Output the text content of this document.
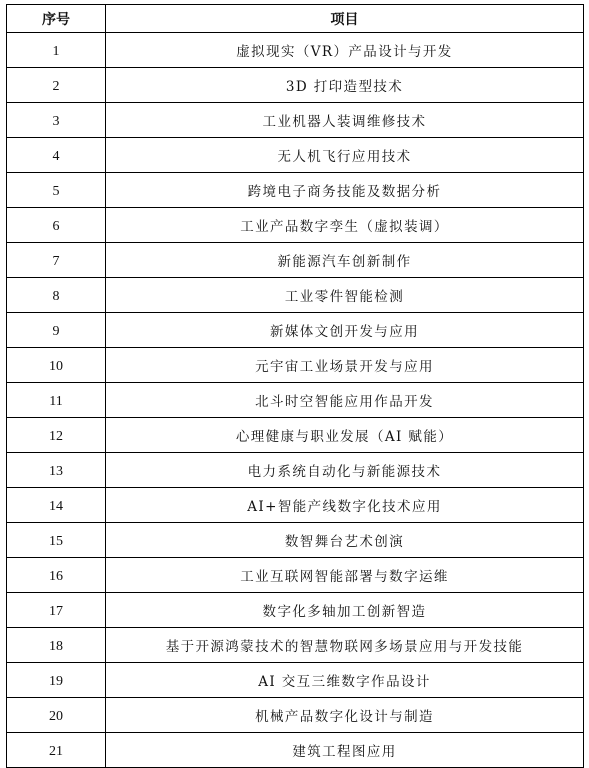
序号	项目
1	虚拟现实（VR）产品设计与开发
2	3D 打印造型技术
3	工业机器人装调维修技术
4	无人机飞行应用技术
5	跨境电子商务技能及数据分析
6	工业产品数字孪生（虚拟装调）
7	新能源汽车创新制作
8	工业零件智能检测
9	新媒体文创开发与应用
10	元宇宙工业场景开发与应用
11	北斗时空智能应用作品开发
12	心理健康与职业发展（AI 赋能）
13	电力系统自动化与新能源技术
14	AI+智能产线数字化技术应用
15	数智舞台艺术创演
16	工业互联网智能部署与数字运维
17	数字化多轴加工创新智造
18	基于开源鸿蒙技术的智慧物联网多场景应用与开发技能
19	AI 交互三维数字作品设计
20	机械产品数字化设计与制造
21	建筑工程图应用
